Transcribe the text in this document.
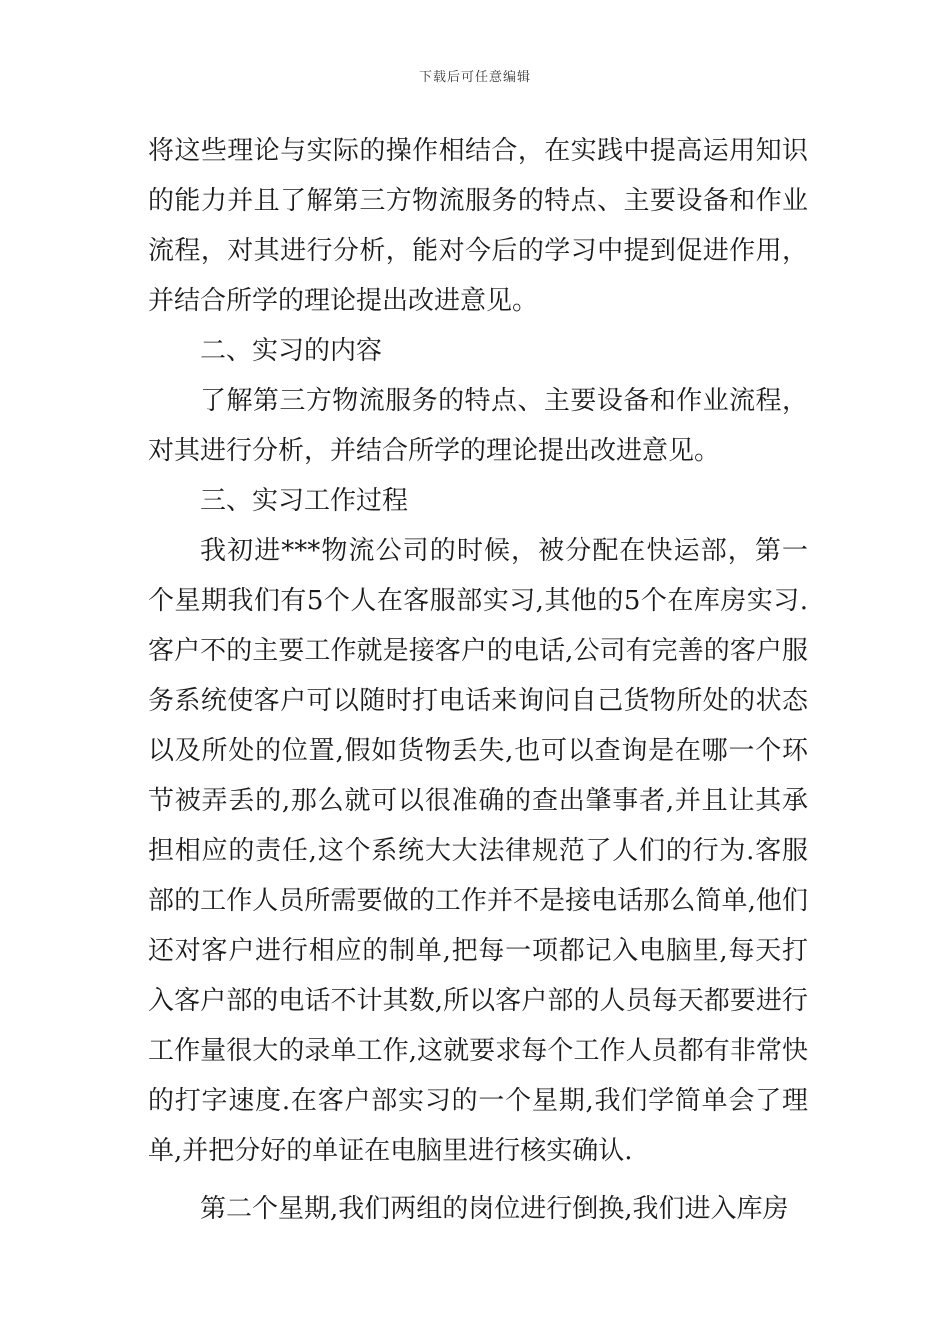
下载后可任意编辑

将这些理论与实际的操作相结合，在实践中提高运用知识的能力并且了解第三方物流服务的特点、主要设备和作业流程，对其进行分析，能对今后的学习中提到促进作用，并结合所学的理论提出改进意见。

二、实习的内容

了解第三方物流服务的特点、主要设备和作业流程，对其进行分析，并结合所学的理论提出改进意见。

三、实习工作过程

我初进***物流公司的时候，被分配在快运部，第一个星期我们有5个人在客服部实习,其他的5个在库房实习.客户不的主要工作就是接客户的电话,公司有完善的客户服务系统使客户可以随时打电话来询问自己货物所处的状态以及所处的位置,假如货物丢失,也可以查询是在哪一个环节被弄丢的,那么就可以很准确的查出肇事者,并且让其承担相应的责任,这个系统大大法律规范了人们的行为.客服部的工作人员所需要做的工作并不是接电话那么简单,他们还对客户进行相应的制单,把每一项都记入电脑里,每天打入客户部的电话不计其数,所以客户部的人员每天都要进行工作量很大的录单工作,这就要求每个工作人员都有非常快的打字速度.在客户部实习的一个星期,我们学简单会了理单,并把分好的单证在电脑里进行核实确认.

第二个星期,我们两组的岗位进行倒换,我们进入库房
